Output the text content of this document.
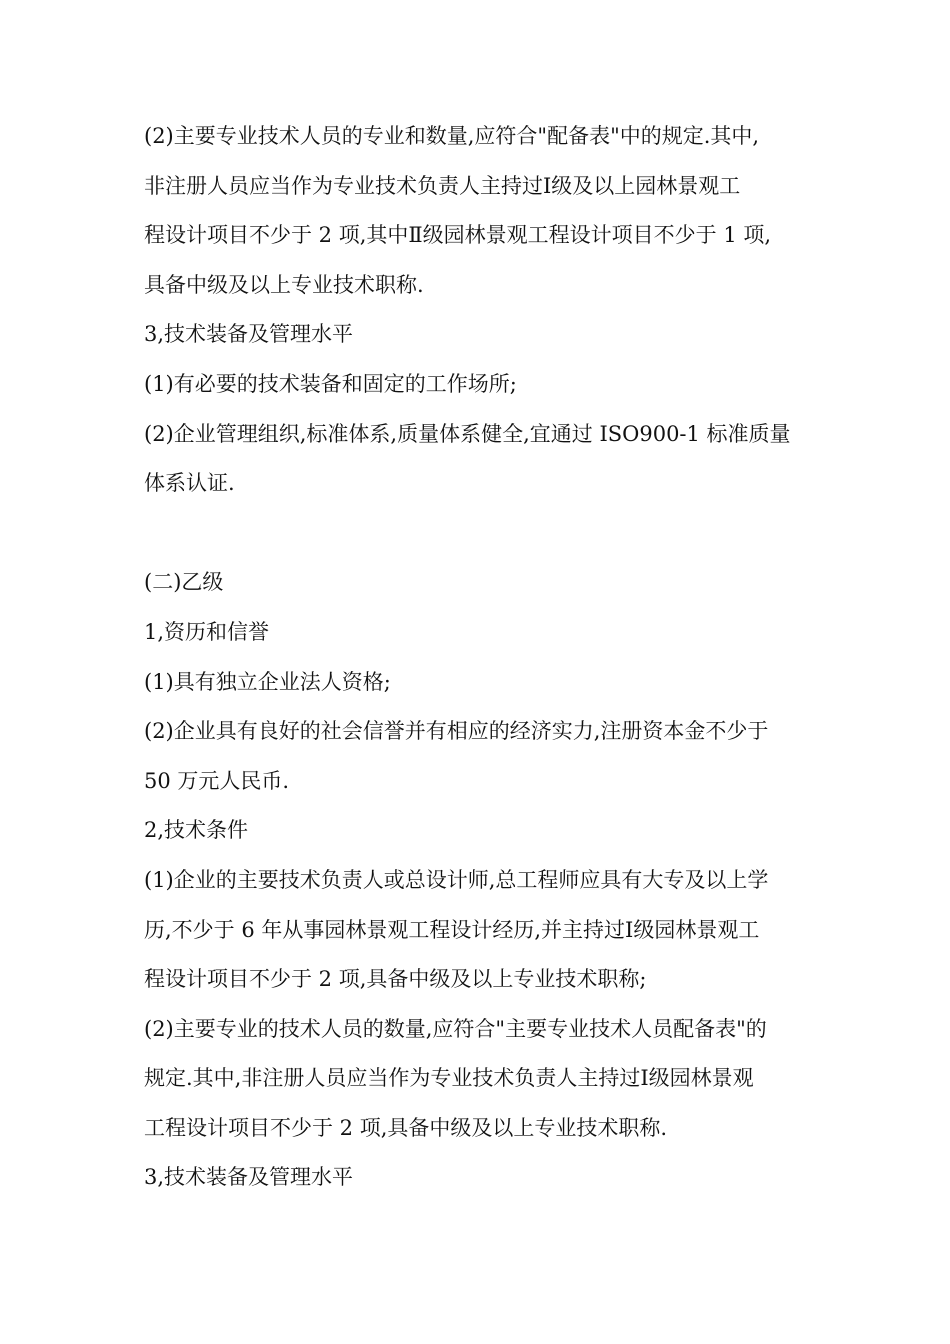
(2)主要专业技术人员的专业和数量,应符合"配备表"中的规定.其中,
非注册人员应当作为专业技术负责人主持过Ⅰ级及以上园林景观工
程设计项目不少于 2 项,其中Ⅱ级园林景观工程设计项目不少于 1 项,
具备中级及以上专业技术职称.
3,技术装备及管理水平
(1)有必要的技术装备和固定的工作场所;
(2)企业管理组织,标准体系,质量体系健全,宜通过 ISO900-1 标准质量
体系认证.
(二)乙级
1,资历和信誉
(1)具有独立企业法人资格;
(2)企业具有良好的社会信誉并有相应的经济实力,注册资本金不少于
50 万元人民币.
2,技术条件
(1)企业的主要技术负责人或总设计师,总工程师应具有大专及以上学
历,不少于 6 年从事园林景观工程设计经历,并主持过Ⅰ级园林景观工
程设计项目不少于 2 项,具备中级及以上专业技术职称;
(2)主要专业的技术人员的数量,应符合"主要专业技术人员配备表"的
规定.其中,非注册人员应当作为专业技术负责人主持过Ⅰ级园林景观
工程设计项目不少于 2 项,具备中级及以上专业技术职称.
3,技术装备及管理水平
